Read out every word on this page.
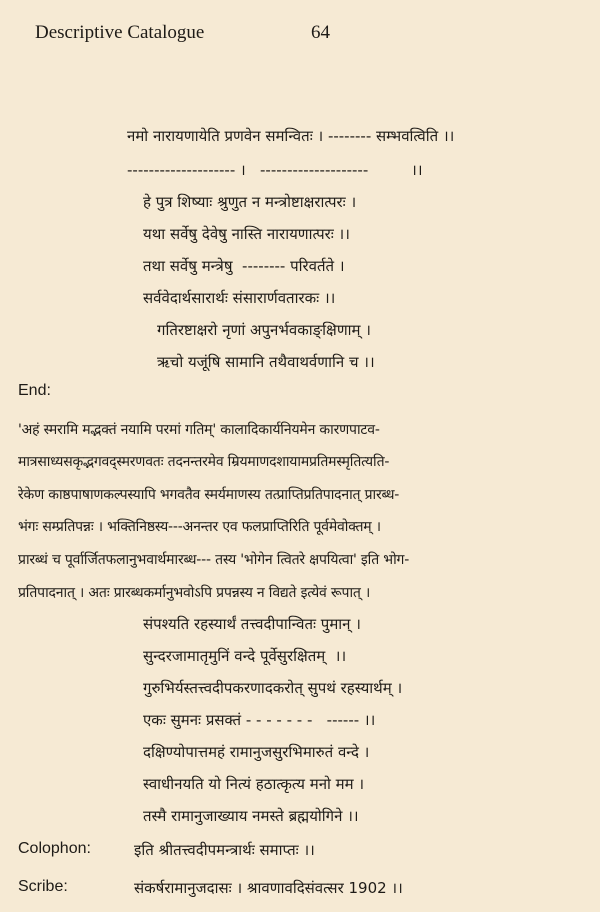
Descriptive Catalogue	64
नमो नारायणायेति प्रणवेन समन्वितः । -------- सम्भवत्विति ।।
-------------------- ।   --------------------         ।।
हे पुत्र शिष्याः श्रुणुत न मन्त्रोष्टाक्षरात्परः ।
यथा सर्वेषु देवेषु नास्ति नारायणात्परः ।।
तथा सर्वेषु मन्त्रेषु  -------- परिवर्तते ।
सर्ववेदार्थसारार्थः संसारार्णवतारकः ।।
गतिरष्टाक्षरो नृणां अपुनर्भवकाङ्क्षिणाम् ।
ऋचो यजूंषि सामानि तथैवाथर्वणानि च ।।
End:
'अहं स्मरामि मद्भक्तं नयामि परमां गतिम्' कालादिकार्यनियमेन कारणपाटव-
मात्रसाध्यसकृद्भगवद्स्मरणवतः तदनन्तरमेव म्रियमाणदशायामप्रतिमस्मृतित्यति-
रेकेण काष्ठपाषाणकल्पस्यापि भगवतैव स्मर्यमाणस्य तत्प्राप्तिप्रतिपादनात् प्रारब्ध-
भंगः सम्प्रतिपन्नः । भक्तिनिष्ठस्य---अनन्तर एव फलप्राप्तिरिति पूर्वमेवोक्तम् ।
प्रारब्धं च पूर्वार्जितफलानुभवार्थमारब्ध--- तस्य 'भोगेन त्वितरे क्षपयित्वा' इति भोग-
प्रतिपादनात् । अतः प्रारब्धकर्मानुभवोऽपि प्रपन्नस्य न विद्यते इत्येवं रूपात् ।
संपश्यति रहस्यार्थं तत्त्वदीपान्वितः पुमान् ।
सुन्दरजामातृमुनिं वन्दे पूर्वेसुरक्षितम्  ।।
गुरुभिर्यस्तत्त्वदीपकरणादकरोत् सुपथं रहस्यार्थम् ।
एकः सुमनः प्रसक्तं - - - - - - -   ------ ।।
दक्षिण्योपात्तमहं रामानुजसुरभिमारुतं वन्दे ।
स्वाधीनयति यो नित्यं हठात्कृत्य मनो मम ।
तस्मै रामानुजाख्याय नमस्ते ब्रह्मयोगिने ।।
Colophon:	इति श्रीतत्त्वदीपमन्त्रार्थः समाप्तः ।।
Scribe:	संकर्षरामानुजदासः । श्रावणावदिसंवत्सर 1902 ।।
